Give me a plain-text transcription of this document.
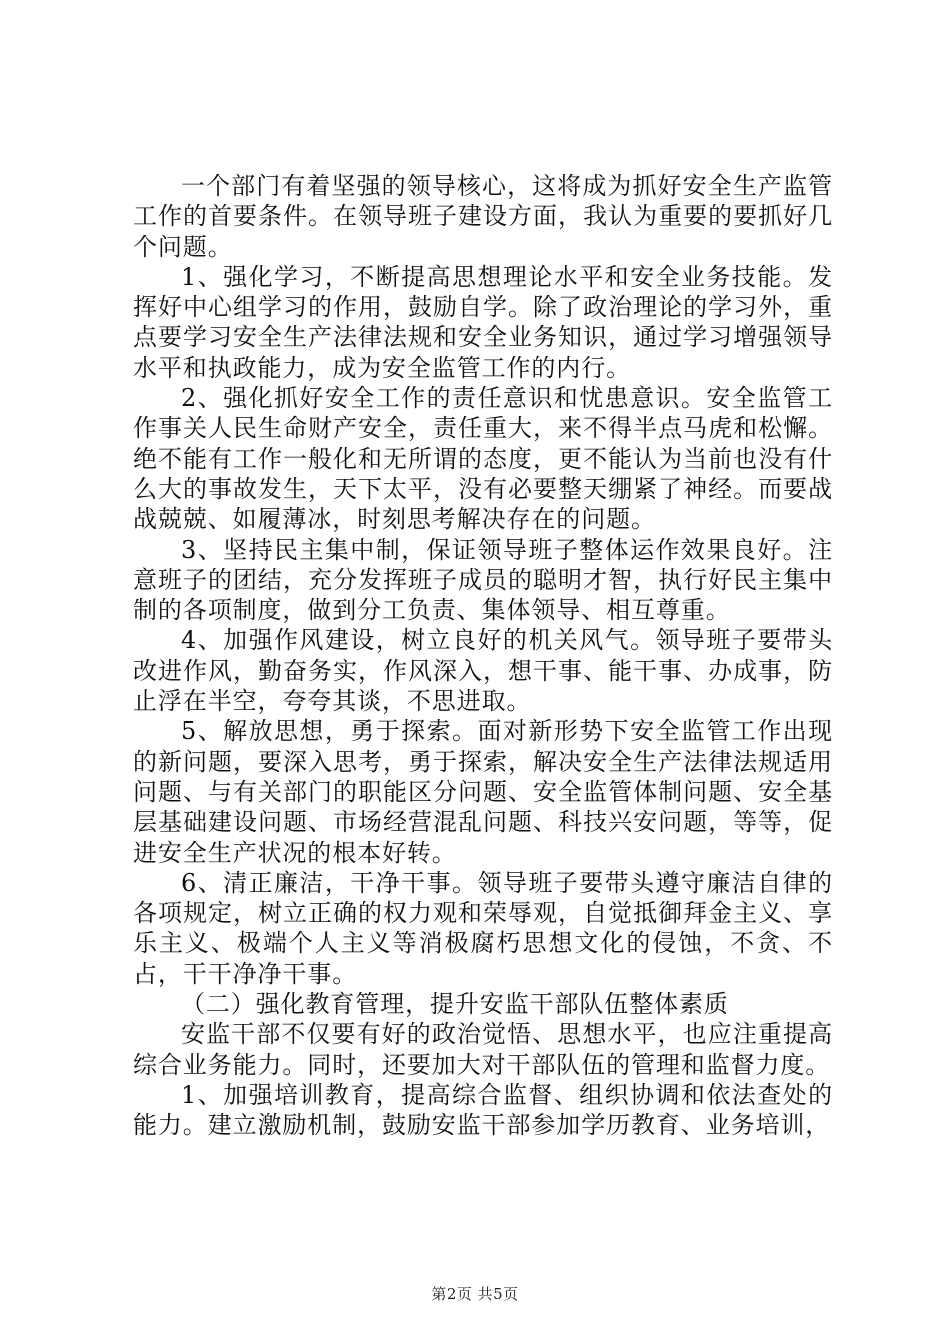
一个部门有着坚强的领导核心，这将成为抓好安全生产监管工作的首要条件。在领导班子建设方面，我认为重要的要抓好几个问题。

1、强化学习，不断提高思想理论水平和安全业务技能。发挥好中心组学习的作用，鼓励自学。除了政治理论的学习外，重点要学习安全生产法律法规和安全业务知识，通过学习增强领导水平和执政能力，成为安全监管工作的内行。

2、强化抓好安全工作的责任意识和忧患意识。安全监管工作事关人民生命财产安全，责任重大，来不得半点马虎和松懈。绝不能有工作一般化和无所谓的态度，更不能认为当前也没有什么大的事故发生，天下太平，没有必要整天绷紧了神经。而要战战兢兢、如履薄冰，时刻思考解决存在的问题。

3、坚持民主集中制，保证领导班子整体运作效果良好。注意班子的团结，充分发挥班子成员的聪明才智，执行好民主集中制的各项制度，做到分工负责、集体领导、相互尊重。

4、加强作风建设，树立良好的机关风气。领导班子要带头改进作风，勤奋务实，作风深入，想干事、能干事、办成事，防止浮在半空，夸夸其谈，不思进取。

5、解放思想，勇于探索。面对新形势下安全监管工作出现的新问题，要深入思考，勇于探索，解决安全生产法律法规适用问题、与有关部门的职能区分问题、安全监管体制问题、安全基层基础建设问题、市场经营混乱问题、科技兴安问题，等等，促进安全生产状况的根本好转。

6、清正廉洁，干净干事。领导班子要带头遵守廉洁自律的各项规定，树立正确的权力观和荣辱观，自觉抵御拜金主义、享乐主义、极端个人主义等消极腐朽思想文化的侵蚀，不贪、不占，干干净净干事。

（二）强化教育管理，提升安监干部队伍整体素质

安监干部不仅要有好的政治觉悟、思想水平，也应注重提高综合业务能力。同时，还要加大对干部队伍的管理和监督力度。

1、加强培训教育，提高综合监督、组织协调和依法查处的能力。建立激励机制，鼓励安监干部参加学历教育、业务培训，

第2页 共5页
